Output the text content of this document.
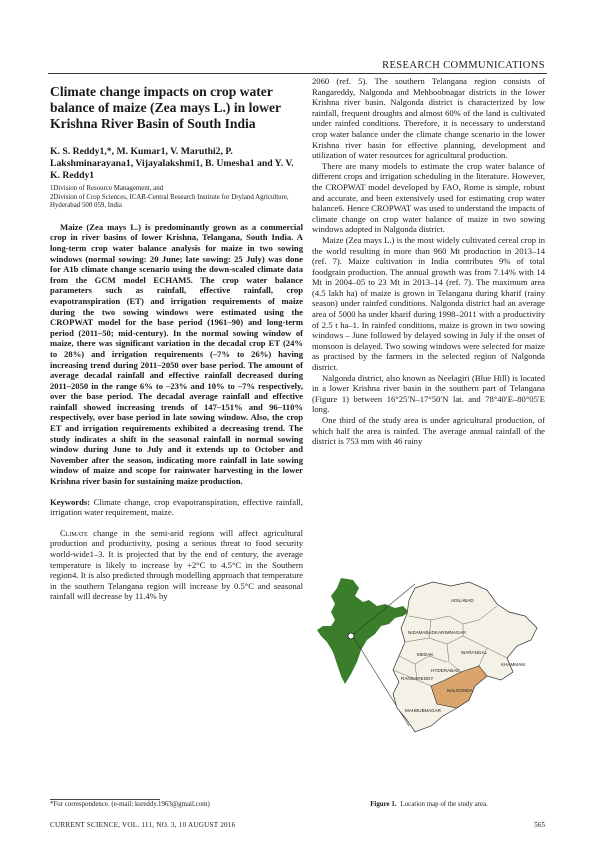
RESEARCH COMMUNICATIONS
Climate change impacts on crop water balance of maize (Zea mays L.) in lower Krishna River Basin of South India
K. S. Reddy1,*, M. Kumar1, V. Maruthi2, P. Lakshminarayana1, Vijayalakshmi1, B. Umesha1 and Y. V. K. Reddy1
1Division of Resource Management, and
2Division of Crop Sciences, ICAR-Central Research Institute for Dryland Agriculture, Hyderabad 500 059, India

Maize (Zea mays L.) is predominantly grown as a commercial crop in river basins of lower Krishna, Telangana, South India. A long-term crop water balance analysis for maize in two sowing windows (normal sowing: 20 June; late sowing: 25 July) was done for A1b climate change scenario using the down-scaled climate data from the GCM model ECHAM5. The crop water balance parameters such as rainfall, effective rainfall, crop evapotranspiration (ET) and irrigation requirements of maize during the two sowing windows were estimated using the CROPWAT model for the base period (1961–90) and long-term period (2011–50; mid-century). In the normal sowing window of maize, there was significant variation in the decadal crop ET (24% to 28%) and irrigation requirements (–7% to 26%) having increasing trend during 2011–2050 over base period. The amount of average decadal rainfall and effective rainfall decreased during 2011–2050 in the range 6% to –23% and 10% to –7% respectively, over the base period. The decadal average rainfall and effective rainfall showed increasing trends of 147–151% and 96–110% respectively, over base period in late sowing window. Also, the crop ET and irrigation requirements exhibited a decreasing trend. The study indicates a shift in the seasonal rainfall in normal sowing window during June to July and it extends up to October and November after the season, indicating more rainfall in late sowing window of maize and scope for rainwater harvesting in the lower Krishna river basin for sustaining maize production.

Keywords: Climate change, crop evapotranspiration, effective rainfall, irrigation water requirement, maize.

Climate change in the semi-arid regions will affect agricultural production and productivity, posing a serious threat to food security world-wide1–3. It is projected that by the end of century, the average temperature is likely to increase by +2°C to 4.5°C in the Southern region4. It is also predicted through modelling approach that temperature in the southern Telangana region will increase by 0.5°C and seasonal rainfall will decrease by 11.4% by

2060 (ref. 5). The southern Telangana region consists of Rangareddy, Nalgonda and Mehboobnagar districts in the lower Krishna river basin. Nalgonda district is characterized by low rainfall, frequent droughts and almost 60% of the land is cultivated under rainfed conditions. Therefore, it is necessary to understand crop water balance under the climate change scenario in the lower Krishna river basin for effective planning, development and utilization of water resources for agricultural production.

There are many models to estimate the crop water balance of different crops and irrigation scheduling in the literature. However, the CROPWAT model developed by FAO, Rome is simple, robust and accurate, and been extensively used for estimating crop water balance6. Hence CROPWAT was used to understand the impacts of climate change on crop water balance of maize in two sowing windows adopted in Nalgonda district.

Maize (Zea mays L.) is the most widely cultivated cereal crop in the world resulting in more than 960 Mt production in 2013–14 (ref. 7). Maize cultivation in India contributes 9% of total foodgrain production. The annual growth was from 7.14% with 14 Mt in 2004–05 to 23 Mt in 2013–14 (ref. 7). The maximum area (4.5 lakh ha) of maize is grown in Telangana during kharif (rainy season) under rainfed conditions. Nalgonda district had an average area of 5000 ha under kharif during 1998–2011 with a productivity of 2.5 t ha–1. In rainfed conditions, maize is grown in two sowing windows – June followed by delayed sowing in July if the onset of monsoon is delayed. Two sowing windows were selected for maize as practised by the farmers in the selected region of Nalgonda district.

Nalgonda district, also known as Neelagiri (Blue Hill) is located in a lower Krishna river basin in the southern part of Telangana (Figure 1) between 16°25′N–17°50′N lat. and 78°40′E–80°05′E long.

One third of the study area is under agricultural production, of which half the area is rainfed. The average annual rainfall of the district is 753 mm with 46 rainy

ADILABAD
NIZAMABAD KARIMNAGAR
MEDAK	WARANGAL
KHAMMAM
HYDERABAD
RANGAREDDY
NALGONDA
MAHBUBNAGAR
Figure 1. Location map of the study area.
*For correspondence. (e-mail: ksreddy.1963@gmail.com)
CURRENT SCIENCE, VOL. 111, NO. 3, 10 AUGUST 2016	565
